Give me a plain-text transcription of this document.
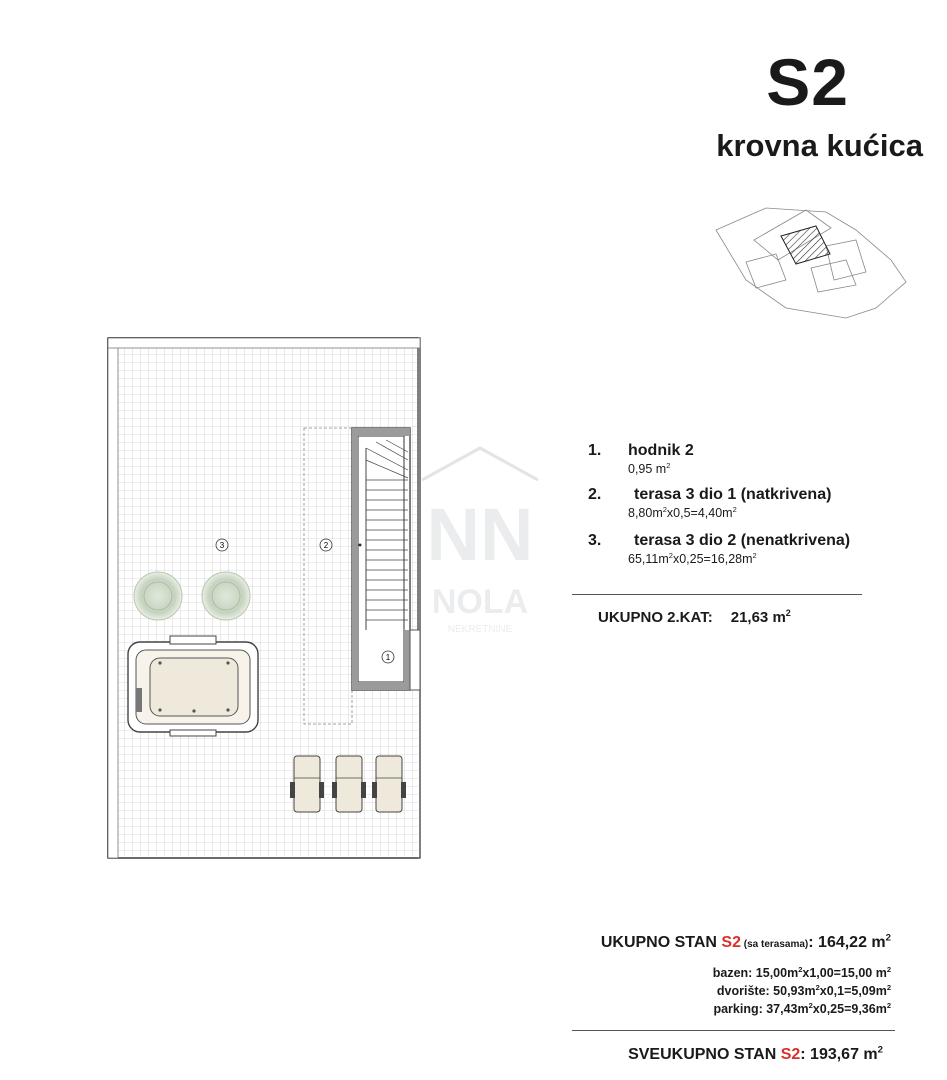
S2
krovna kućica
3	2
1
NN
NOLA
NEKRETNINE
1. hodnik 2
0,95 $m^2$
2. terasa 3 dio 1 (natkrivena)
$8,80m^2x0,5=4,40m^2$
3. terasa 3 dio 2 (nenatkrivena)
$65,11m^2x0,25=16,28m^2$
UKUPNO 2.KAT: 21,63 $m^2$
UKUPNO STAN S2 (sa terasama): 164,22 $m^2$
bazen: $15,00m^2x1,00=15,00$ $m^2$
dvorište: $50,93m^2x0,1=5,09m^2$
parking: $37,43m^2x0,25=9,36m^2$
SVEUKUPNO STAN S2: 193,67 $m^2$
